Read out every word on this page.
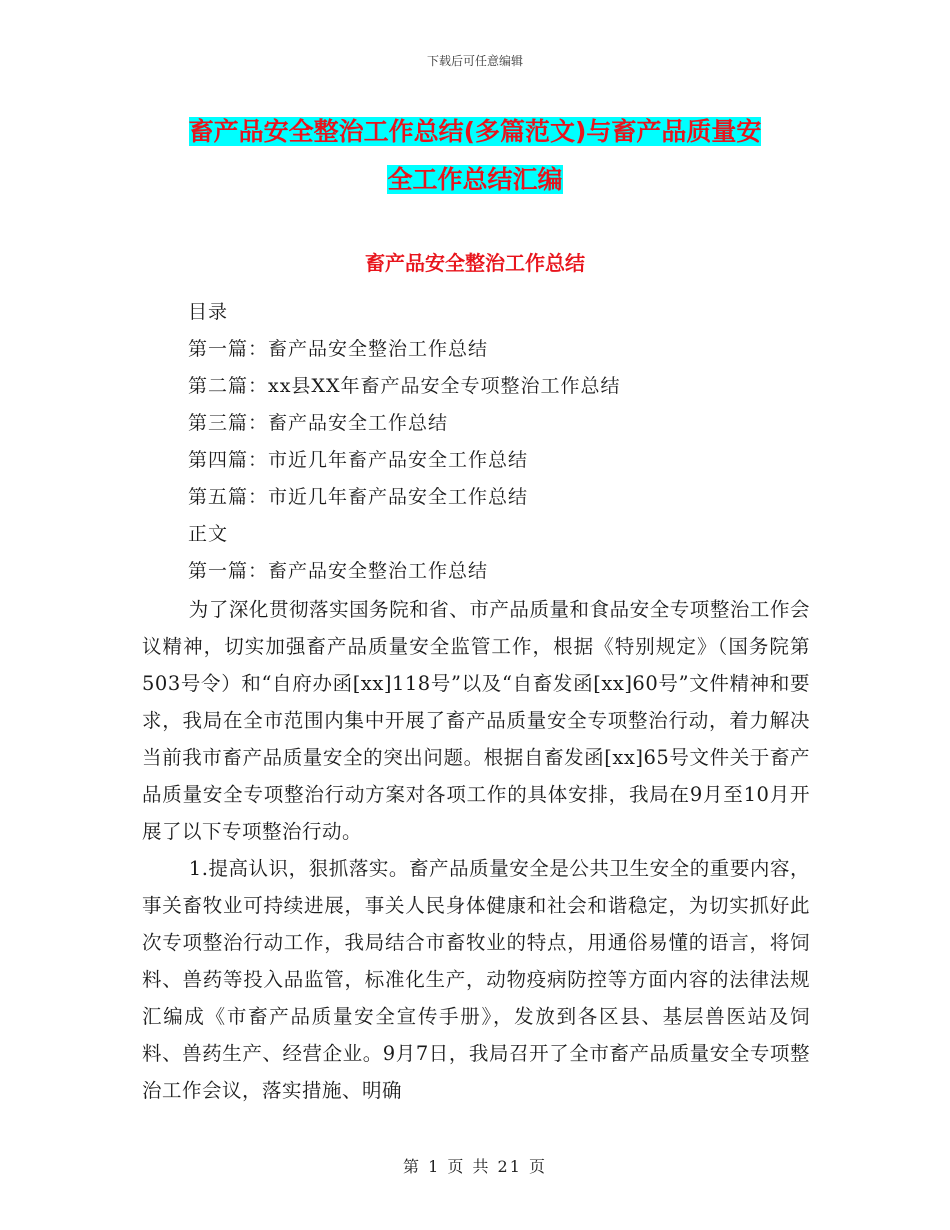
下载后可任意编辑
畜产品安全整治工作总结(多篇范文)与畜产品质量安
全工作总结汇编
畜产品安全整治工作总结
目录
第一篇：畜产品安全整治工作总结
第二篇：xx县XX年畜产品安全专项整治工作总结
第三篇：畜产品安全工作总结
第四篇：市近几年畜产品安全工作总结
第五篇：市近几年畜产品安全工作总结
正文
第一篇：畜产品安全整治工作总结

为了深化贯彻落实国务院和省、市产品质量和食品安全专项整治工作会议精神，切实加强畜产品质量安全监管工作，根据《特别规定》（国务院第503号令）和“自府办函[xx]118号”以及“自畜发函[xx]60号”文件精神和要求，我局在全市范围内集中开展了畜产品质量安全专项整治行动，着力解决当前我市畜产品质量安全的突出问题。根据自畜发函[xx]65号文件关于畜产品质量安全专项整治行动方案对各项工作的具体安排，我局在9月至10月开展了以下专项整治行动。

1.提高认识，狠抓落实。畜产品质量安全是公共卫生安全的重要内容，事关畜牧业可持续进展，事关人民身体健康和社会和谐稳定，为切实抓好此次专项整治行动工作，我局结合市畜牧业的特点，用通俗易懂的语言，将饲料、兽药等投入品监管，标准化生产，动物疫病防控等方面内容的法律法规汇编成《市畜产品质量安全宣传手册》，发放到各区县、基层兽医站及饲料、兽药生产、经营企业。9月7日，我局召开了全市畜产品质量安全专项整治工作会议，落实措施、明确

第 1 页 共 21 页
